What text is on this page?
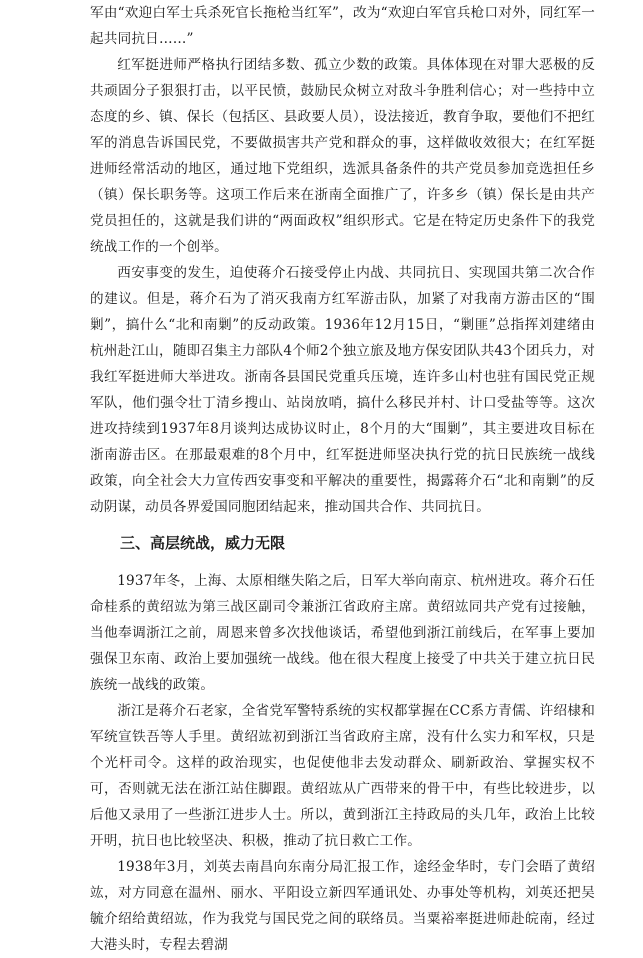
军由“欢迎白军士兵杀死官长拖枪当红军”，改为“欢迎白军官兵枪口对外，同红军一起共同抗日……”

红军挺进师严格执行团结多数、孤立少数的政策。具体体现在对罪大恶极的反共顽固分子狠狠打击，以平民愤，鼓励民众树立对敌斗争胜利信心；对一些持中立态度的乡、镇、保长（包括区、县政要人员），设法接近，教育争取，要他们不把红军的消息告诉国民党，不要做损害共产党和群众的事，这样做收效很大；在红军挺进师经常活动的地区，通过地下党组织，选派具备条件的共产党员参加竞选担任乡（镇）保长职务等。这项工作后来在浙南全面推广了，许多乡（镇）保长是由共产党员担任的，这就是我们讲的“两面政权”组织形式。它是在特定历史条件下的我党统战工作的一个创举。

西安事变的发生，迫使蒋介石接受停止内战、共同抗日、实现国共第二次合作的建议。但是，蒋介石为了消灭我南方红军游击队，加紧了对我南方游击区的“围剿”，搞什么“北和南剿”的反动政策。1936年12月15日，“剿匪”总指挥刘建绪由杭州赴江山，随即召集主力部队4个师2个独立旅及地方保安团队共43个团兵力，对我红军挺进师大举进攻。浙南各县国民党重兵压境，连许多山村也驻有国民党正规军队，他们强令壮丁清乡搜山、站岗放哨，搞什么移民并村、计口受盐等等。这次进攻持续到1937年8月谈判达成协议时止，8个月的大“围剿”，其主要进攻目标在浙南游击区。在那最艰难的8个月中，红军挺进师坚决执行党的抗日民族统一战线政策，向全社会大力宣传西安事变和平解决的重要性，揭露蒋介石“北和南剿”的反动阴谋，动员各界爱国同胞团结起来，推动国共合作、共同抗日。

三、高层统战，威力无限

1937年冬，上海、太原相继失陷之后，日军大举向南京、杭州进攻。蒋介石任命桂系的黄绍竑为第三战区副司令兼浙江省政府主席。黄绍竑同共产党有过接触，当他奉调浙江之前，周恩来曾多次找他谈话，希望他到浙江前线后，在军事上要加强保卫东南、政治上要加强统一战线。他在很大程度上接受了中共关于建立抗日民族统一战线的政策。

浙江是蒋介石老家，全省党军警特系统的实权都掌握在CC系方青儒、许绍棣和军统宣铁吾等人手里。黄绍竑初到浙江当省政府主席，没有什么实力和军权，只是个光杆司令。这样的政治现实，也促使他非去发动群众、刷新政治、掌握实权不可，否则就无法在浙江站住脚跟。黄绍竑从广西带来的骨干中，有些比较进步，以后他又录用了一些浙江进步人士。所以，黄到浙江主持政局的头几年，政治上比较开明，抗日也比较坚决、积极，推动了抗日救亡工作。

1938年3月，刘英去南昌向东南分局汇报工作，途经金华时，专门会晤了黄绍竑，对方同意在温州、丽水、平阳设立新四军通讯处、办事处等机构，刘英还把吴毓介绍给黄绍竑，作为我党与国民党之间的联络员。当粟裕率挺进师赴皖南，经过大港头时，专程去碧湖
